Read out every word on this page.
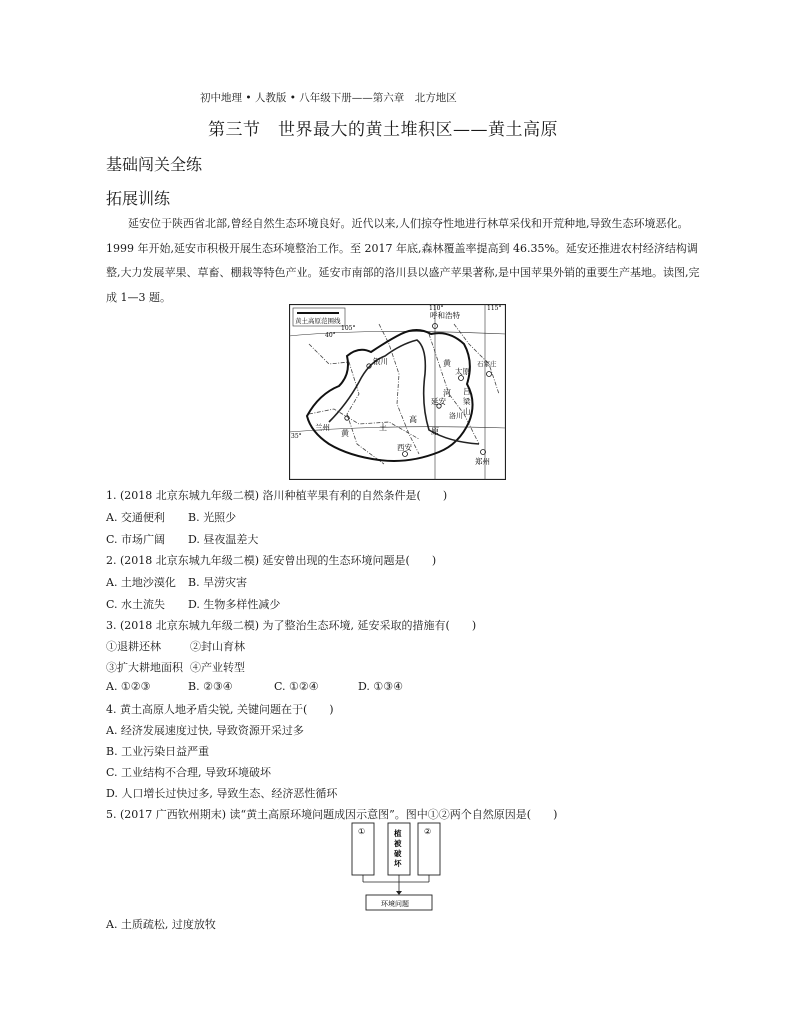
初中地理 • 人教版 • 八年级下册——第六章　北方地区
第三节　世界最大的黄土堆积区——黄土高原
基础闯关全练
拓展训练
延安位于陕西省北部,曾经自然生态环境良好。近代以来,人们掠夺性地进行林草采伐和开荒种地,导致生态环境恶化。1999 年开始,延安市积极开展生态环境整治工作。至 2017 年底,森林覆盖率提高到 46.35%。延安还推进农村经济结构调整,大力发展苹果、草畜、棚栽等特色产业。延安市南部的洛川县以盛产苹果著称,是中国苹果外销的重要生产基地。读图,完成 1—3 题。
黄土高原范围线
110°	115°
105°
40°
35°
呼和浩特
银川
太原
石家庄
延安
兰州
西安
郑州
洛川
黄
土
高
原
黄
河 吕
梁
山
1. (2018 北京东城九年级二模) 洛川种植苹果有利的自然条件是(　　)
A. 交通便利 B. 光照少
C. 市场广阔 D. 昼夜温差大
2. (2018 北京东城九年级二模) 延安曾出现的生态环境问题是(　　)
A. 土地沙漠化 B. 旱涝灾害
C. 水土流失 D. 生物多样性减少
3. (2018 北京东城九年级二模) 为了整治生态环境, 延安采取的措施有(　　)
①退耕还林	②封山育林
③扩大耕地面积 ④产业转型
A. ①②③	B. ②③④	C. ①②④	D. ①③④
4. 黄土高原人地矛盾尖锐, 关键问题在于(　　)
A. 经济发展速度过快, 导致资源开采过多
B. 工业污染日益严重
C. 工业结构不合理, 导致环境破坏
D. 人口增长过快过多, 导致生态、经济恶性循环
5. (2017 广西钦州期末) 读“黄土高原环境问题成因示意图”。图中①②两个自然原因是(　　)
①	植
被
破
坏
②
环境问题
A. 土质疏松, 过度放牧
